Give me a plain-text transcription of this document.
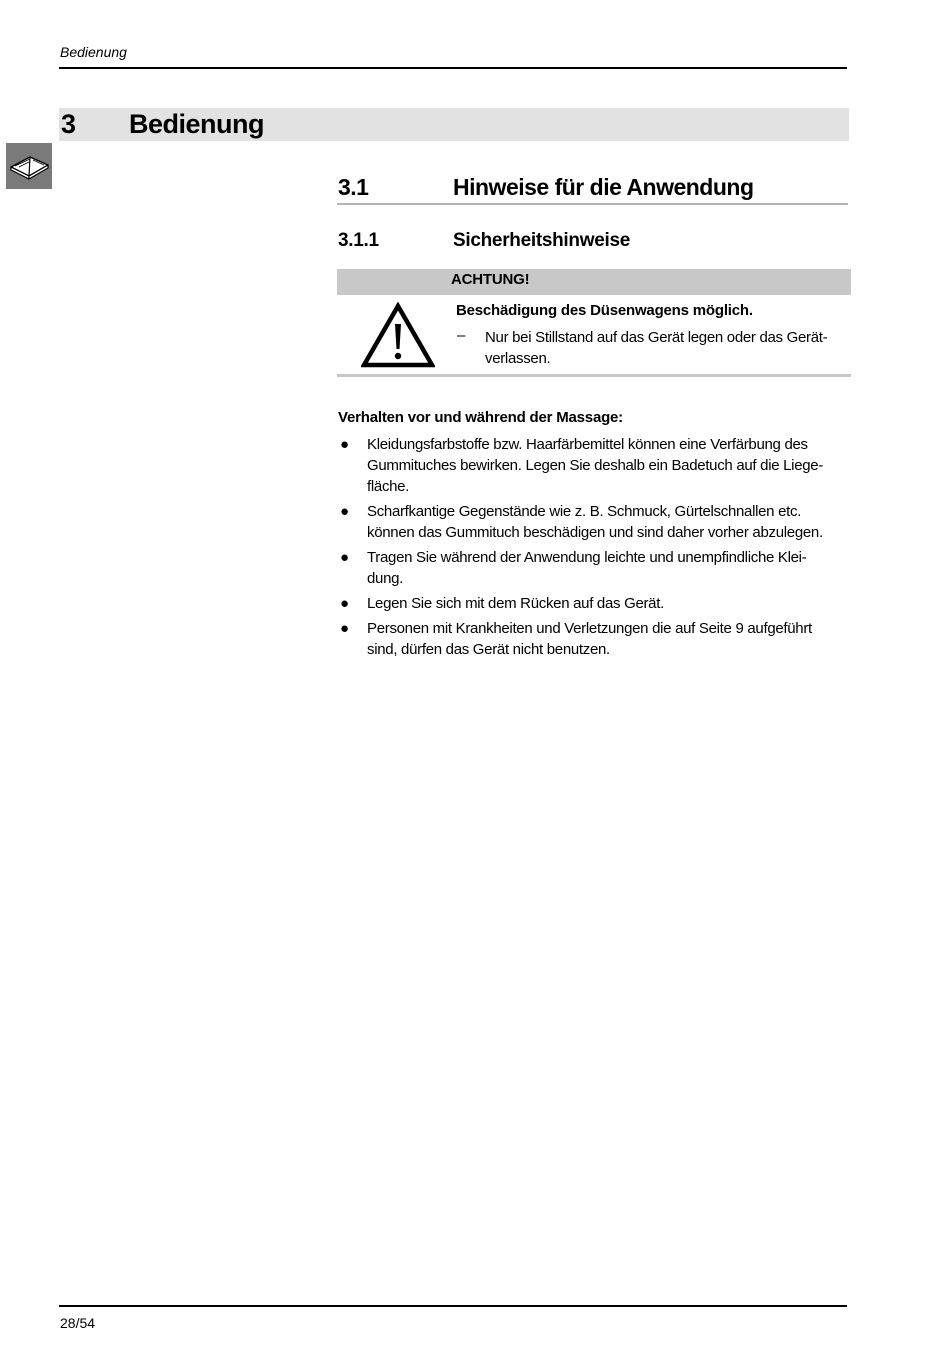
Bedienung
3 Bedienung
3.1	Hinweise für die Anwendung
3.1.1	Sicherheitshinweise
ACHTUNG!
Beschädigung des Düsenwagens möglich.
– Nur bei Stillstand auf das Gerät legen oder das Gerät-
verlassen.
Verhalten vor und während der Massage:
● Kleidungsfarbstoffe bzw. Haarfärbemittel können eine Verfärbung des
Gummituches bewirken. Legen Sie deshalb ein Badetuch auf die Liege-
fläche.
● Scharfkantige Gegenstände wie z. B. Schmuck, Gürtelschnallen etc.
können das Gummituch beschädigen und sind daher vorher abzulegen.
● Tragen Sie während der Anwendung leichte und unempfindliche Klei-
dung.
● Legen Sie sich mit dem Rücken auf das Gerät.
● Personen mit Krankheiten und Verletzungen die auf Seite 9 aufgeführt
sind, dürfen das Gerät nicht benutzen.
28/54
